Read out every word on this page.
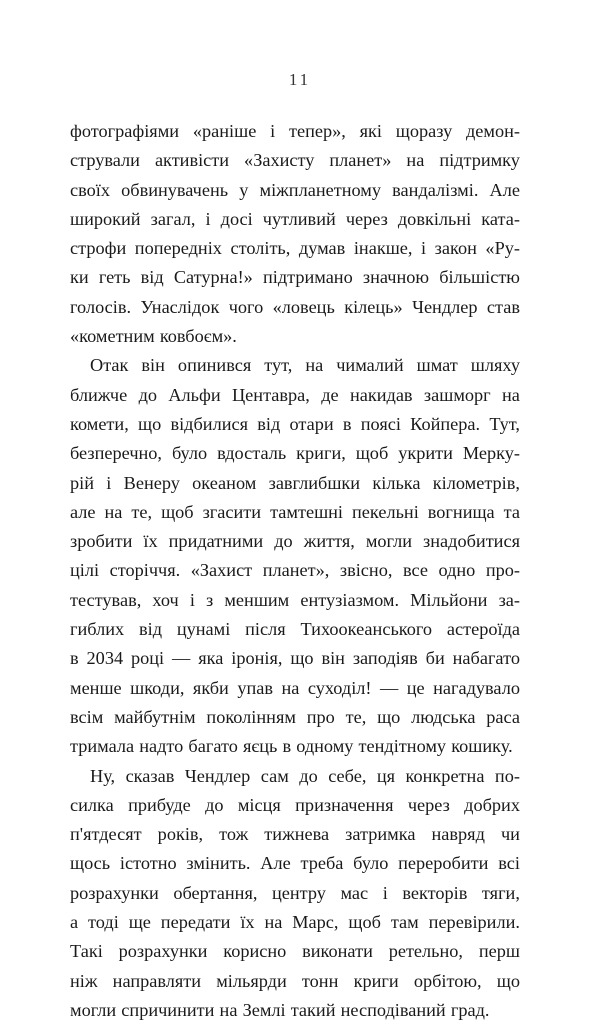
11
фотографіями «раніше і тепер», які щоразу демон-
стрували активісти «Захисту планет» на підтримку
своїх обвинувачень у міжпланетному вандалізмі. Але
широкий загал, і досі чутливий через довкільні ката-
строфи попередніх століть, думав інакше, і закон «Ру-
ки геть від Сатурна!» підтримано значною більшістю
голосів. Унаслідок чого «ловець кілець» Чендлер став
«кометним ковбоєм».
Отак він опинився тут, на чималий шмат шляху
ближче до Альфи Центавра, де накидав зашморг на
комети, що відбилися від отари в поясі Койпера. Тут,
безперечно, було вдосталь криги, щоб укрити Мерку-
рій і Венеру океаном завглибшки кілька кілометрів,
але на те, щоб згасити тамтешні пекельні вогнища та
зробити їх придатними до життя, могли знадобитися
цілі сторіччя. «Захист планет», звісно, все одно про-
тестував, хоч і з меншим ентузіазмом. Мільйони за-
гиблих від цунамі після Тихоокеанського астероїда
в 2034 році — яка іронія, що він заподіяв би набагато
менше шкоди, якби упав на суходіл! — це нагадувало
всім майбутнім поколінням про те, що людська раса
тримала надто багато яєць в одному тендітному кошику.
Ну, сказав Чендлер сам до себе, ця конкретна по-
силка прибуде до місця призначення через добрих
п'ятдесят років, тож тижнева затримка навряд чи
щось істотно змінить. Але треба було переробити всі
розрахунки обертання, центру мас і векторів тяги,
а тоді ще передати їх на Марс, щоб там перевірили.
Такі розрахунки корисно виконати ретельно, перш
ніж направляти мільярди тонн криги орбітою, що
могли спричинити на Землі такий несподіваний град.
